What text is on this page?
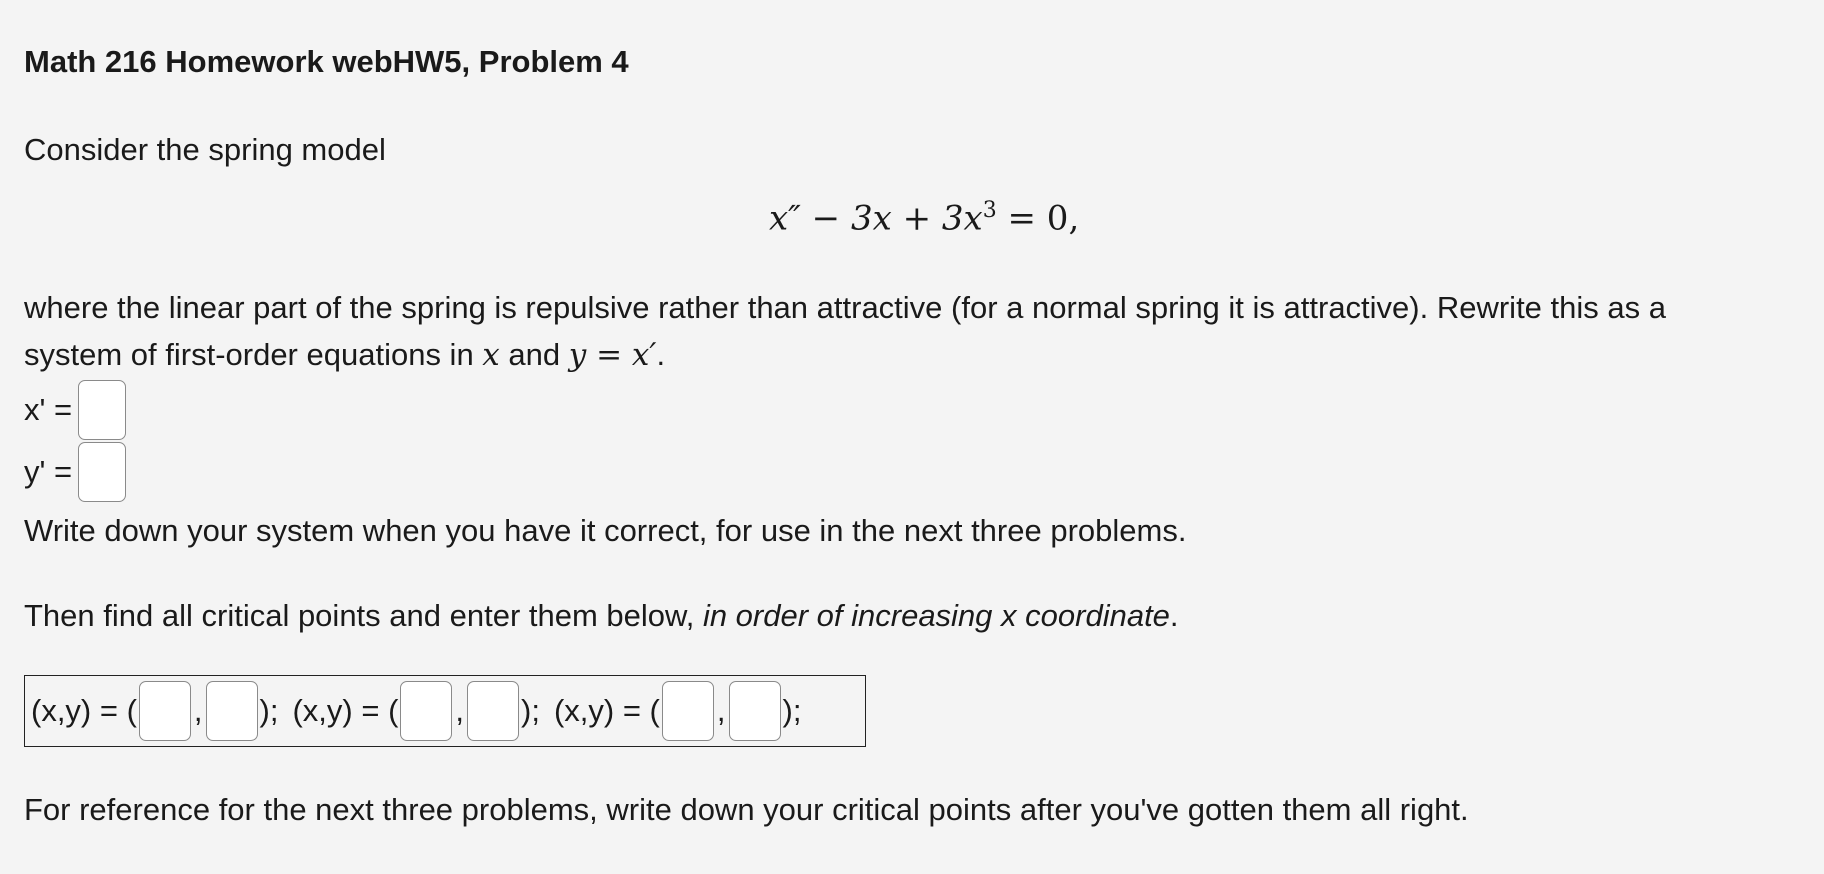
Math 216 Homework webHW5, Problem 4
Consider the spring model
$x'' - 3x + 3x^3 = 0$,
where the linear part of the spring is repulsive rather than attractive (for a normal spring it is attractive). Rewrite this as a
system of first-order equations in x and y = x′.
x' =
y' =
Write down your system when you have it correct, for use in the next three problems.
Then find all critical points and enter them below, in order of increasing x coordinate.
(x,y) = ( , ); (x,y) = ( , ); (x,y) = ( , );
For reference for the next three problems, write down your critical points after you've gotten them all right.
